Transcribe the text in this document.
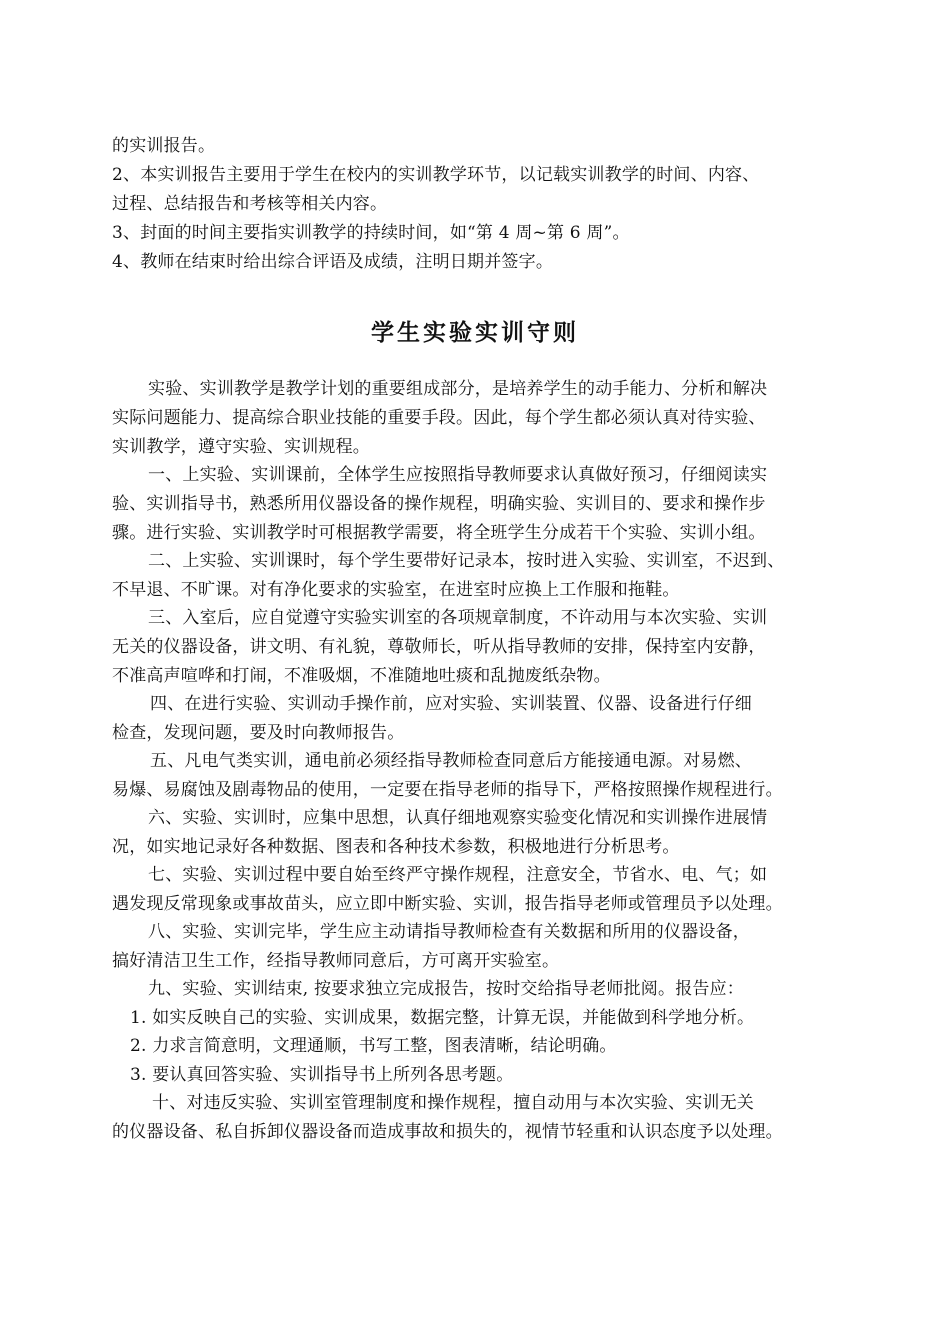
的实训报告。
2、本实训报告主要用于学生在校内的实训教学环节，以记载实训教学的时间、内容、
过程、总结报告和考核等相关内容。
3、封面的时间主要指实训教学的持续时间，如“第 4 周~第 6 周”。
4、教师在结束时给出综合评语及成绩，注明日期并签字。
学生实验实训守则
实验、实训教学是教学计划的重要组成部分，是培养学生的动手能力、分析和解决
实际问题能力、提高综合职业技能的重要手段。因此，每个学生都必须认真对待实验、
实训教学，遵守实验、实训规程。
一、上实验、实训课前，全体学生应按照指导教师要求认真做好预习，仔细阅读实
验、实训指导书，熟悉所用仪器设备的操作规程，明确实验、实训目的、要求和操作步
骤。进行实验、实训教学时可根据教学需要，将全班学生分成若干个实验、实训小组。
二、上实验、实训课时，每个学生要带好记录本，按时进入实验、实训室，不迟到、
不早退、不旷课。对有净化要求的实验室，在进室时应换上工作服和拖鞋。
三、入室后，应自觉遵守实验实训室的各项规章制度，不许动用与本次实验、实训
无关的仪器设备，讲文明、有礼貌，尊敬师长，听从指导教师的安排，保持室内安静，
不准高声喧哗和打闹，不准吸烟，不准随地吐痰和乱抛废纸杂物。
四、在进行实验、实训动手操作前，应对实验、实训装置、仪器、设备进行仔细
检查，发现问题，要及时向教师报告。
五、凡电气类实训，通电前必须经指导教师检查同意后方能接通电源。对易燃、
易爆、易腐蚀及剧毒物品的使用，一定要在指导老师的指导下，严格按照操作规程进行。
六、实验、实训时，应集中思想，认真仔细地观察实验变化情况和实训操作进展情
况，如实地记录好各种数据、图表和各种技术参数，积极地进行分析思考。
七、实验、实训过程中要自始至终严守操作规程，注意安全，节省水、电、气；如
遇发现反常现象或事故苗头，应立即中断实验、实训，报告指导老师或管理员予以处理。
八、实验、实训完毕，学生应主动请指导教师检查有关数据和所用的仪器设备，
搞好清洁卫生工作，经指导教师同意后，方可离开实验室。
九、实验、实训结束, 按要求独立完成报告，按时交给指导老师批阅。报告应：
1. 如实反映自己的实验、实训成果，数据完整，计算无误，并能做到科学地分析。
2. 力求言简意明，文理通顺，书写工整，图表清晰，结论明确。
3. 要认真回答实验、实训指导书上所列各思考题。
十、对违反实验、实训室管理制度和操作规程，擅自动用与本次实验、实训无关
的仪器设备、私自拆卸仪器设备而造成事故和损失的，视情节轻重和认识态度予以处理。
